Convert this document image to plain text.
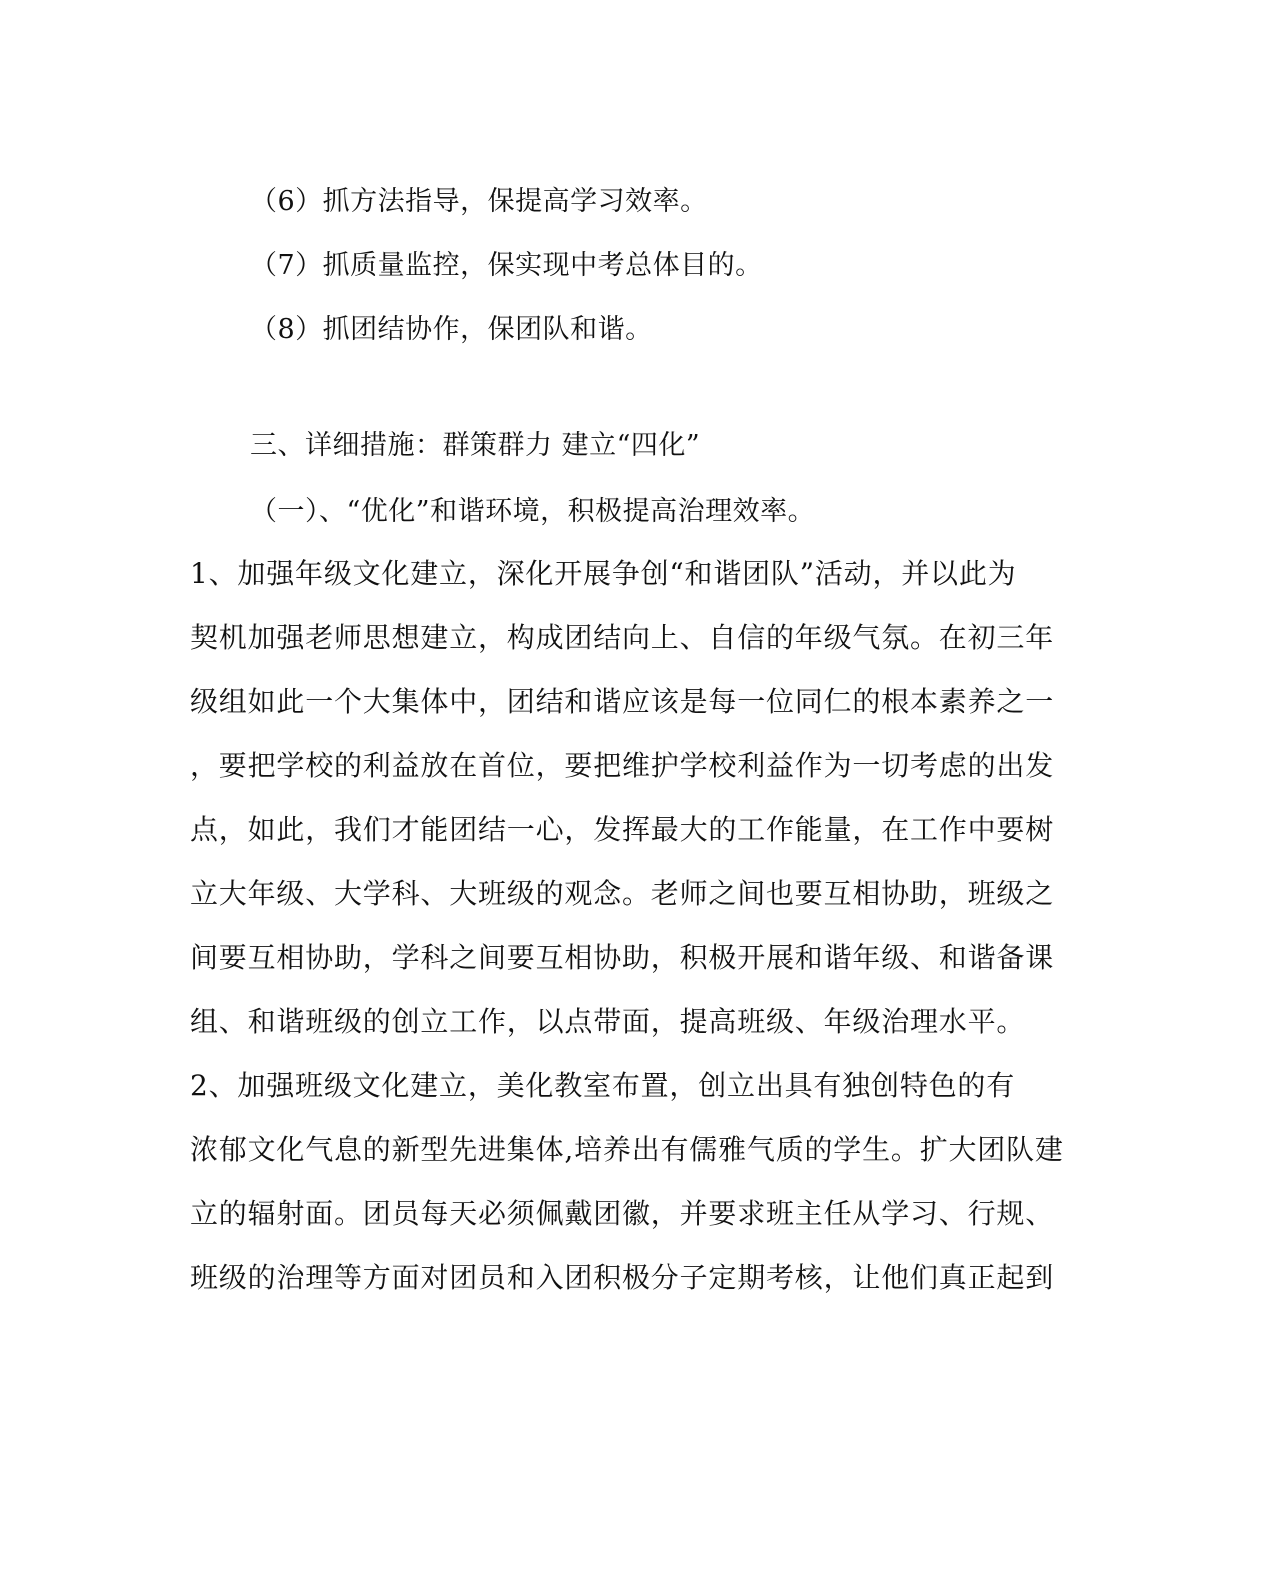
（6）抓方法指导，保提高学习效率。
（7）抓质量监控，保实现中考总体目的。
（8）抓团结协作，保团队和谐。
三、详细措施：群策群力 建立“四化”
（一）、“优化”和谐环境，积极提高治理效率。
1、加强年级文化建立，深化开展争创“和谐团队”活动，并以此为
契机加强老师思想建立，构成团结向上、自信的年级气氛。在初三年
级组如此一个大集体中，团结和谐应该是每一位同仁的根本素养之一
，要把学校的利益放在首位，要把维护学校利益作为一切考虑的出发
点，如此，我们才能团结一心，发挥最大的工作能量，在工作中要树
立大年级、大学科、大班级的观念。老师之间也要互相协助，班级之
间要互相协助，学科之间要互相协助，积极开展和谐年级、和谐备课
组、和谐班级的创立工作，以点带面，提高班级、年级治理水平。
2、加强班级文化建立，美化教室布置，创立出具有独创特色的有
浓郁文化气息的新型先进集体,培养出有儒雅气质的学生。扩大团队建
立的辐射面。团员每天必须佩戴团徽，并要求班主任从学习、行规、
班级的治理等方面对团员和入团积极分子定期考核，让他们真正起到
